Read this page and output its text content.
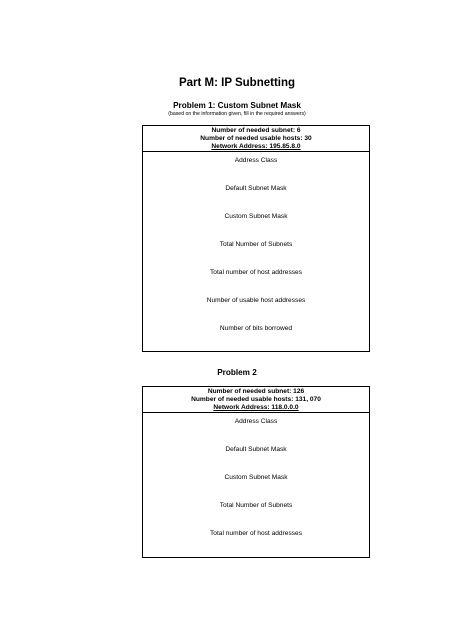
Part M: IP Subnetting
Problem 1: Custom Subnet Mask
(based on the information given, fill in the required answers)
Number of needed subnet: 6
Number of needed usable hosts: 30
Network Address: 195.85.8.0
Address Class
Default Subnet Mask
Custom Subnet Mask
Total Number of Subnets
Total number of host addresses
Number of usable host addresses
Number of bits borrowed
Problem 2
Number of needed subnet: 126
Number of needed usable hosts: 131, 070
Network Address: 118.0.0.0
Address Class
Default Subnet Mask
Custom Subnet Mask
Total Number of Subnets
Total number of host addresses
